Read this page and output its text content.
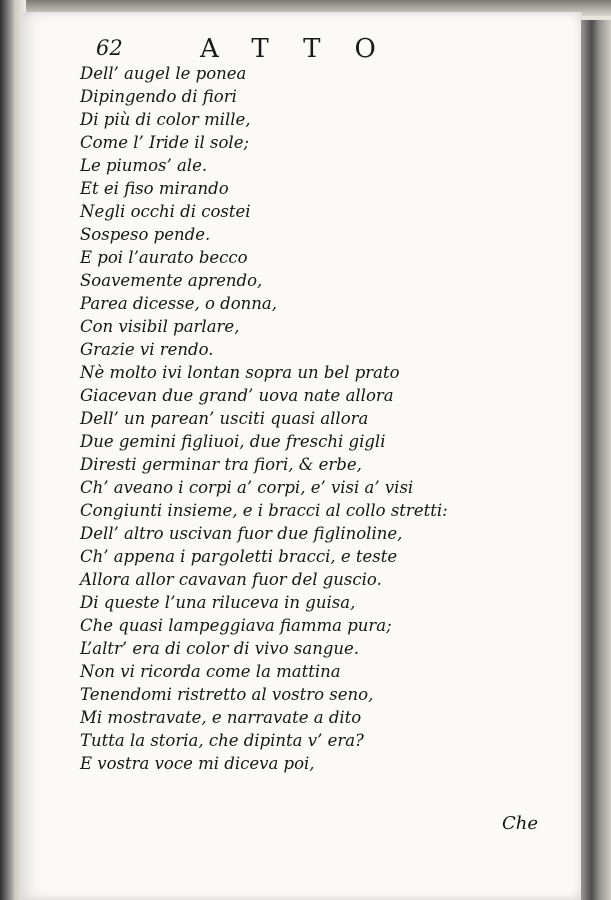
62	ATTO
Dell’ augel le ponea
Dipingendo di fiori
Di più di color mille,
Come l’ Iride il sole;
Le piumos’ ale.
Et ei fiso mirando
Negli occhi di costei
Sospeso pende.
E poi l’aurato becco
Soavemente aprendo,
Parea dicesse, o donna,
Con visibil parlare,
Grazie vi rendo.
Nè molto ivi lontan sopra un bel prato
Giacevan due grand’ uova nate allora
Dell’ un parean’ usciti quasi allora
Due gemini figliuoi, due freschi gigli
Diresti germinar tra fiori, & erbe,
Ch’ aveano i corpi a’ corpi, e’ visi a’ visi
Congiunti insieme, e i bracci al collo stretti:
Dell’ altro uscivan fuor due figlinoline,
Ch’ appena i pargoletti bracci, e teste
Allora allor cavavan fuor del guscio.
Di queste l’una riluceva in guisa,
Che quasi lampeggiava fiamma pura;
L’altr’ era di color di vivo sangue.
Non vi ricorda come la mattina
Tenendomi ristretto al vostro seno,
Mi mostravate, e narravate a dito
Tutta la storia, che dipinta v’ era?
E vostra voce mi diceva poi,
Che
